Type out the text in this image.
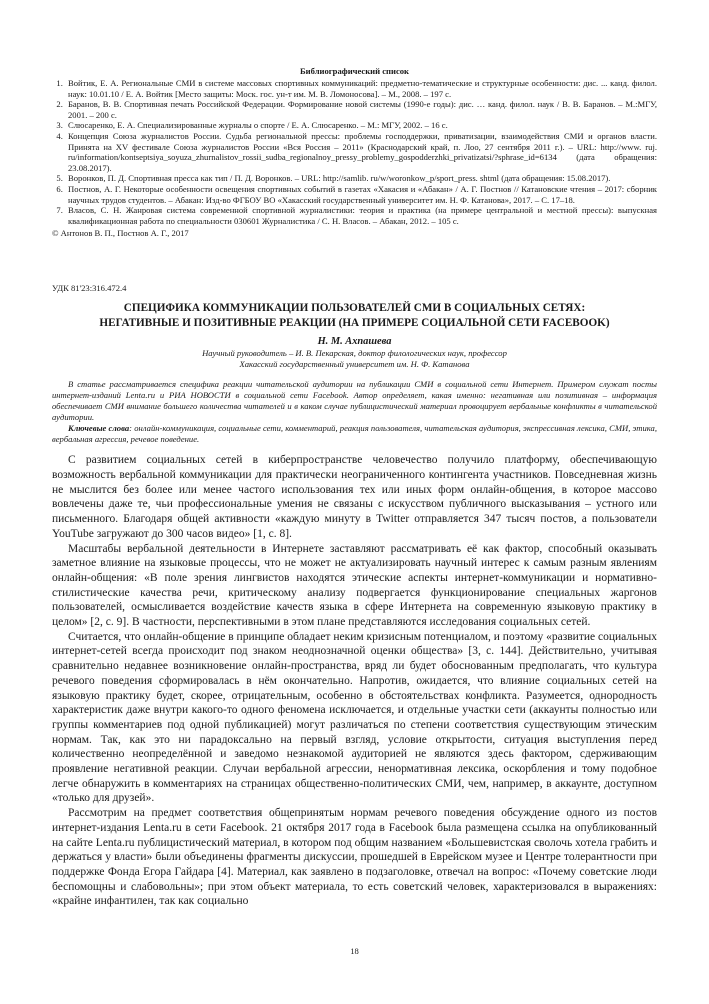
Библиографический список
1. Войтик, Е. А. Региональные СМИ в системе массовых спортивных коммуникаций: предметно-тематические и структурные особенности: дис. ... канд. филол. наук: 10.01.10 / Е. А. Войтик [Место защиты: Моск. гос. ун-т им. М. В. Ломоносова]. – М., 2008. – 197 с.
2. Баранов, В. В. Спортивная печать Российской Федерации. Формирование новой системы (1990-е годы): дис. … канд. филол. наук / В. В. Баранов. – М.:МГУ, 2001. – 200 с.
3. Слюсаренко, Е. А. Специализированные журналы о спорте / Е. А. Слюсаренко. – М.: МГУ, 2002. – 16 с.
4. Концепция Союза журналистов России. Судьба региональной прессы: проблемы господдержки, приватизации, взаимодействия СМИ и органов власти. Принята на XV фестивале Союза журналистов России «Вся Россия – 2011» (Краснодарский край, п. Лоо, 27 сентября 2011 г.). – URL: http://www. ruj. ru/information/kontseptsiya_soyuza_zhurnalistov_rossii_sudba_regionalnoy_pressy_problemy_gospodderzhki_privatizatsi/?sphrase_id=6134 (дата обращения: 23.08.2017).
5. Воронков, П. Д. Спортивная пресса как тип / П. Д. Воронков. – URL: http://samlib. ru/w/woronkow_p/sport_press. shtml (дата обращения: 15.08.2017).
6. Постнов, А. Г. Некоторые особенности освещения спортивных событий в газетах «Хакасия и «Абакан» / А. Г. Постнов // Катановские чтения – 2017: сборник научных трудов студентов. – Абакан: Изд-во ФГБОУ ВО «Хакасский государственный университет им. Н. Ф. Катанова», 2017. – С. 17–18.
7. Власов, С. Н. Жанровая система современной спортивной журналистики: теория и практика (на примере центральной и местной прессы): выпускная квалификационная работа по специальности 030601 Журналистика / С. Н. Власов. – Абакан, 2012. – 105 с.
© Антонов В. П., Постнов А. Г., 2017
УДК 81'23:316.472.4
СПЕЦИФИКА КОММУНИКАЦИИ ПОЛЬЗОВАТЕЛЕЙ СМИ В СОЦИАЛЬНЫХ СЕТЯХ:
НЕГАТИВНЫЕ И ПОЗИТИВНЫЕ РЕАКЦИИ (НА ПРИМЕРЕ СОЦИАЛЬНОЙ СЕТИ FACEBOOK)
Н. М. Ахпашева
Научный руководитель – И. В. Пекарская, доктор филологических наук, профессор
Хакасский государственный университет им. Н. Ф. Катанова

В статье рассматривается специфика реакции читательской аудитории на публикации СМИ в социальной сети Интернет. Примером служат посты интернет-изданий Lenta.ru и РИА НОВОСТИ в социальной сети Facebook. Автор определяет, какая именно: негативная или позитивная – информация обеспечивает СМИ внимание большего количества читателей и в каком случае публицистический материал провоцирует вербальные конфликты в читательской аудитории.

Ключевые слова: онлайн-коммуникация, социальные сети, комментарий, реакция пользователя, читательская аудитория, экспрессивная лексика, СМИ, этика, вербальная агрессия, речевое поведение.

С развитием социальных сетей в киберпространстве человечество получило платформу, обеспечивающую возможность вербальной коммуникации для практически неограниченного контингента участников. Повседневная жизнь не мыслится без более или менее частого использования тех или иных форм онлайн-общения, в которое массово вовлечены даже те, чьи профессиональные умения не связаны с искусством публичного высказывания – устного или письменного. Благодаря общей активности «каждую минуту в Twitter отправляется 347 тысяч постов, а пользователи YouTube загружают до 300 часов видео» [1, с. 8].

Масштабы вербальной деятельности в Интернете заставляют рассматривать её как фактор, способный оказывать заметное влияние на языковые процессы, что не может не актуализировать научный интерес к самым разным явлениям онлайн-общения: «В поле зрения лингвистов находятся этические аспекты интернет-коммуникации и нормативно-стилистические качества речи, критическому анализу подвергается функционирование специальных жаргонов пользователей, осмысливается воздействие качеств языка в сфере Интернета на современную языковую практику в целом» [2, с. 9]. В частности, перспективными в этом плане представляются исследования социальных сетей.

Считается, что онлайн-общение в принципе обладает неким кризисным потенциалом, и поэтому «развитие социальных интернет-сетей всегда происходит под знаком неоднозначной оценки общества» [3, с. 144]. Действительно, учитывая сравнительно недавнее возникновение онлайн-пространства, вряд ли будет обоснованным предполагать, что культура речевого поведения сформировалась в нём окончательно. Напротив, ожидается, что влияние социальных сетей на языковую практику будет, скорее, отрицательным, особенно в обстоятельствах конфликта. Разумеется, однородность характеристик даже внутри какого-то одного феномена исключается, и отдельные участки сети (аккаунты полностью или группы комментариев под одной публикацией) могут различаться по степени соответствия существующим этическим нормам. Так, как это ни парадоксально на первый взгляд, условие открытости, ситуация выступления перед количественно неопределённой и заведомо незнакомой аудиторией не являются здесь фактором, сдерживающим проявление негативной реакции. Случаи вербальной агрессии, ненормативная лексика, оскорбления и тому подобное легче обнаружить в комментариях на страницах общественно-политических СМИ, чем, например, в аккаунте, доступном «только для друзей».

Рассмотрим на предмет соответствия общепринятым нормам речевого поведения обсуждение одного из постов интернет-издания Lenta.ru в сети Facebook. 21 октября 2017 года в Facebook была размещена ссылка на опубликованный на сайте Lenta.ru публицистический материал, в котором под общим названием «Большевистская сволочь хотела грабить и держаться у власти» были объединены фрагменты дискуссии, прошедшей в Еврейском музее и Центре толерантности при поддержке Фонда Егора Гайдара [4]. Материал, как заявлено в подзаголовке, отвечал на вопрос: «Почему советские люди беспомощны и слабовольны»; при этом объект материала, то есть советский человек, характеризовался в выражениях: «крайне инфантилен, так как социально

18
